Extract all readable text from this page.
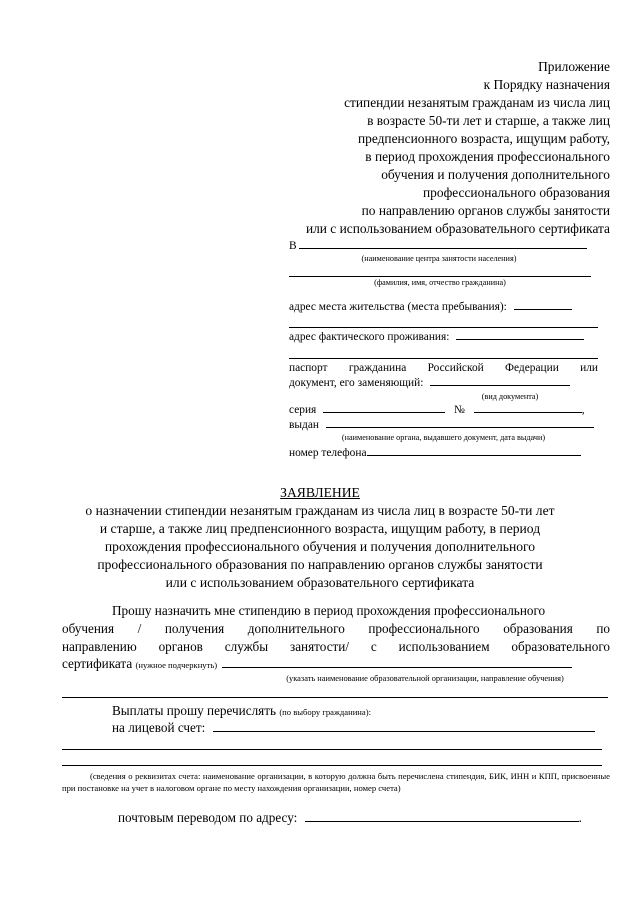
Приложение
к Порядку назначения
стипендии незанятым гражданам из числа лиц
в возрасте 50-ти лет и старше, а также лиц
предпенсионного возраста, ищущим работу,
в период прохождения профессионального
обучения и получения дополнительного
профессионального образования
по направлению органов службы занятости
или с использованием образовательного сертификата
В
(наименование центра занятости населения)
(фамилия, имя, отчество гражданина)
адрес места жительства (места пребывания):
адрес фактического проживания:
паспорт гражданина Российской Федерации или
документ, его заменяющий:
(вид документа)
серия	№	,
выдан
(наименование органа, выдавшего документ, дата выдачи)
номер телефона
ЗАЯВЛЕНИЕ
о назначении стипендии незанятым гражданам из числа лиц в возрасте 50-ти лет
и старше, а также лиц предпенсионного возраста, ищущим работу, в период
прохождения профессионального обучения и получения дополнительного
профессионального образования по направлению органов службы занятости
или с использованием образовательного сертификата
Прошу назначить мне стипендию в период прохождения профессионального
обучения / получения дополнительного профессионального образования по
направлению органов службы занятости/ с использованием образовательного
сертификата (нужное подчеркнуть)
(указать наименование образовательной организации, направление обучения)
Выплаты прошу перечислять (по выбору гражданина):
на лицевой счет:
(сведения о реквизитах счета: наименование организации, в которую должна быть перечислена стипендия, БИК, ИНН и КПП, присвоенные при постановке на учет в налоговом органе по месту нахождения организации, номер счета)
почтовым переводом по адресу:	.
